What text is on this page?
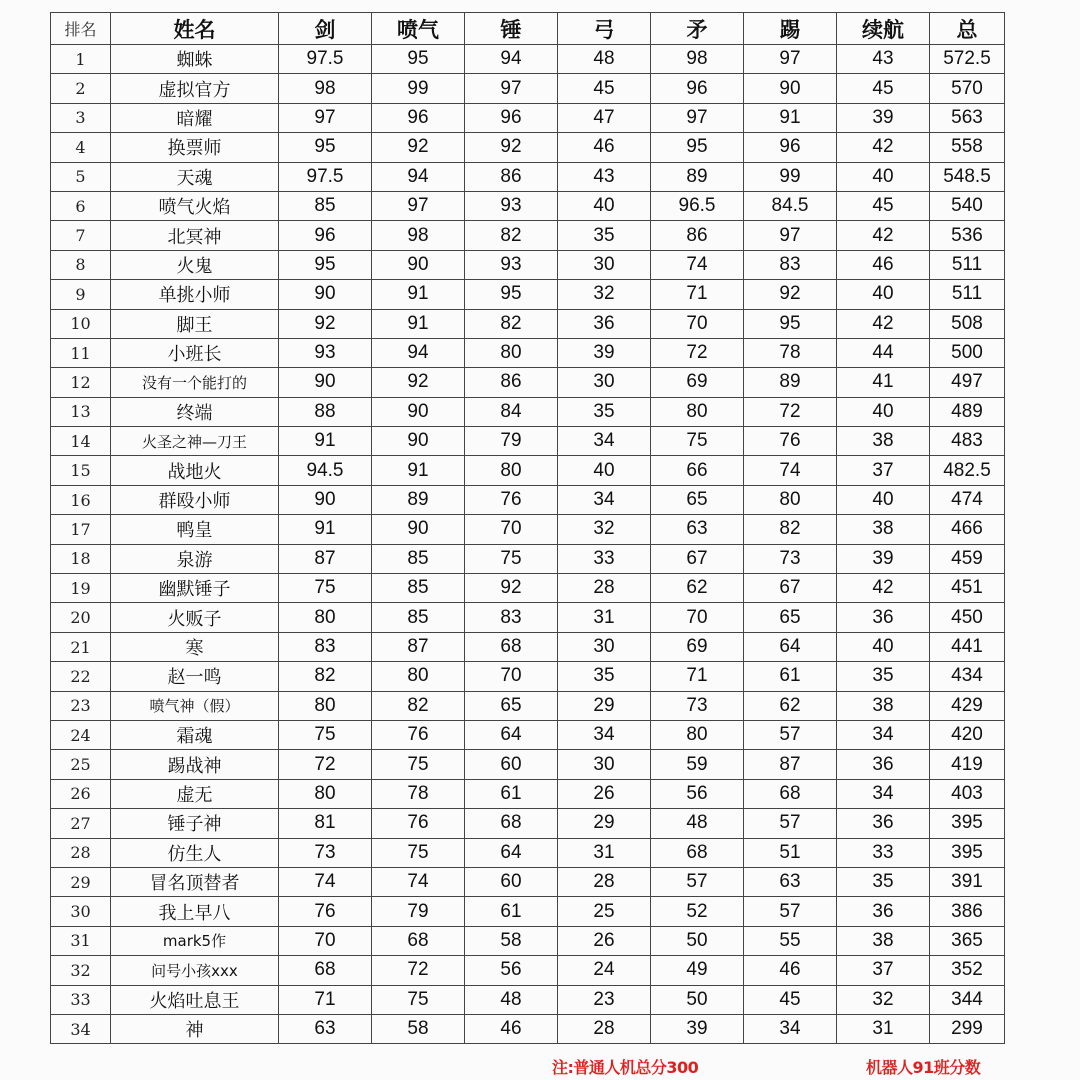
排名	姓名	剑	喷气	锤	弓	矛	踢	续航	总
1	蜘蛛	97.5	95	94	48	98	97	43	572.5
2	虚拟官方	98	99	97	45	96	90	45	570
3	暗耀	97	96	96	47	97	91	39	563
4	换票师	95	92	92	46	95	96	42	558
5	天魂	97.5	94	86	43	89	99	40	548.5
6	喷气火焰	85	97	93	40	96.5	84.5	45	540
7	北冥神	96	98	82	35	86	97	42	536
8	火鬼	95	90	93	30	74	83	46	511
9	单挑小师	90	91	95	32	71	92	40	511
10	脚王	92	91	82	36	70	95	42	508
11	小班长	93	94	80	39	72	78	44	500
12	没有一个能打的	90	92	86	30	69	89	41	497
13	终端	88	90	84	35	80	72	40	489
14	火圣之神—刀王	91	90	79	34	75	76	38	483
15	战地火	94.5	91	80	40	66	74	37	482.5
16	群殴小师	90	89	76	34	65	80	40	474
17	鸭皇	91	90	70	32	63	82	38	466
18	泉游	87	85	75	33	67	73	39	459
19	幽默锤子	75	85	92	28	62	67	42	451
20	火贩子	80	85	83	31	70	65	36	450
21	寒	83	87	68	30	69	64	40	441
22	赵一鸣	82	80	70	35	71	61	35	434
23	喷气神（假）	80	82	65	29	73	62	38	429
24	霜魂	75	76	64	34	80	57	34	420
25	踢战神	72	75	60	30	59	87	36	419
26	虚无	80	78	61	26	56	68	34	403
27	锤子神	81	76	68	29	48	57	36	395
28	仿生人	73	75	64	31	68	51	33	395
29	冒名顶替者	74	74	60	28	57	63	35	391
30	我上早八	76	79	61	25	52	57	36	386
31	mark5作	70	68	58	26	50	55	38	365
32	问号小孩xxx	68	72	56	24	49	46	37	352
33	火焰吐息王	71	75	48	23	50	45	32	344
34	神	63	58	46	28	39	34	31	299
注:普通人机总分300	机器人91班分数
